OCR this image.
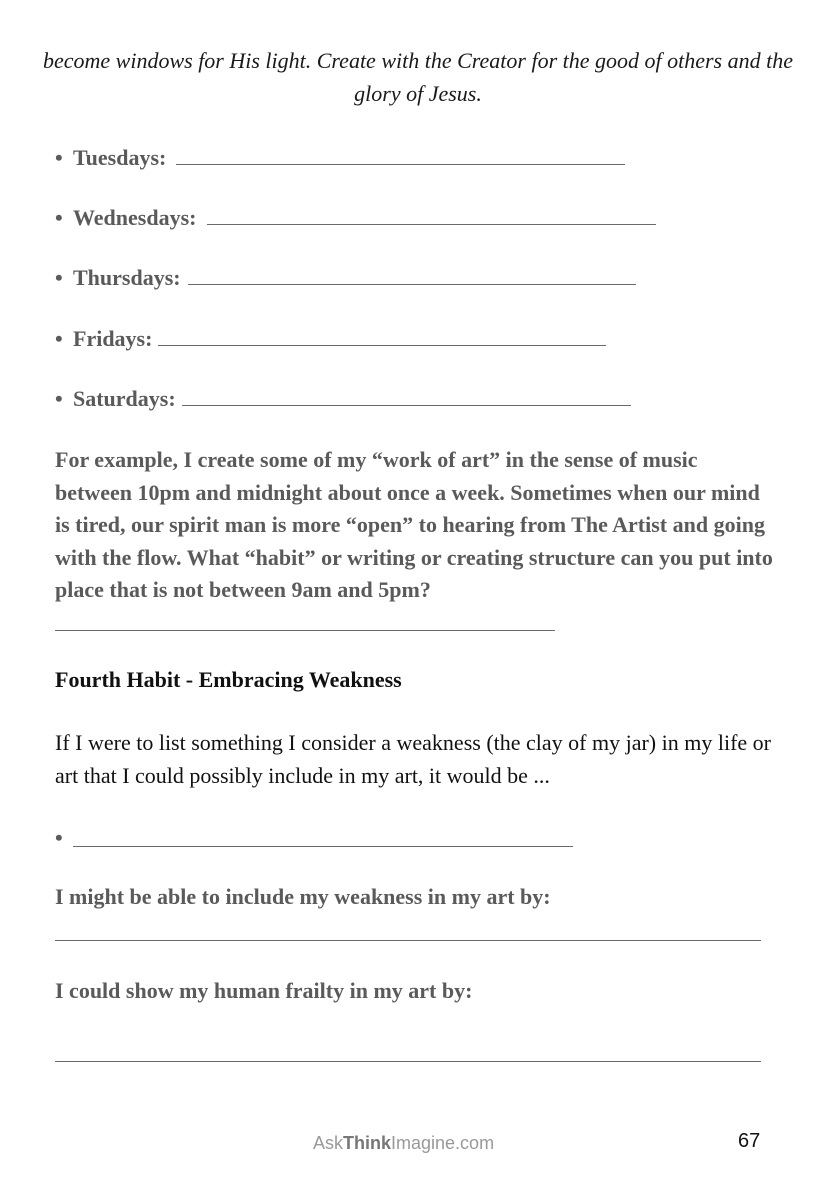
become windows for His light. Create with the Creator for the good of others and the glory of Jesus.
• Tuesdays:
• Wednesdays:
• Thursdays:
• Fridays:
• Saturdays:
For example, I create some of my “work of art” in the sense of music between 10pm and midnight about once a week. Sometimes when our mind is tired, our spirit man is more “open” to hearing from The Artist and going with the flow. What “habit” or writing or creating structure can you put into place that is not between 9am and 5pm?
Fourth Habit - Embracing Weakness
If I were to list something I consider a weakness (the clay of my jar) in my life or art that I could possibly include in my art, it would be ...
•
I might be able to include my weakness in my art by:
I could show my human frailty in my art by:
AskThinkImagine.com	67
